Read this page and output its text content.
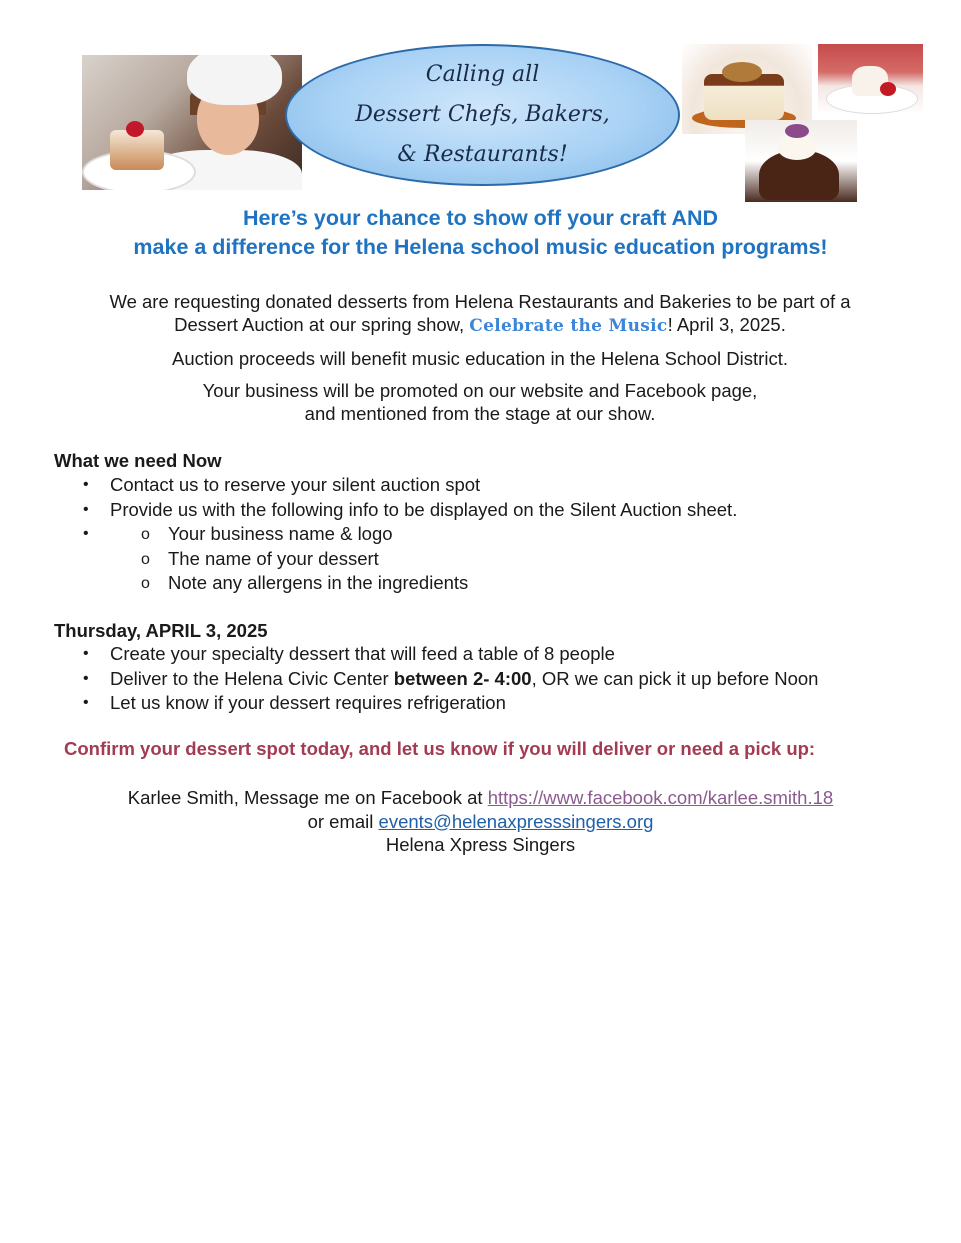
Calling all
Dessert Chefs, Bakers,
& Restaurants!
Here’s your chance to show off your craft AND
make a difference for the Helena school music education programs!

We are requesting donated desserts from Helena Restaurants and Bakeries to be part of a
Dessert Auction at our spring show, Celebrate the Music! April 3, 2025.

Auction proceeds will benefit music education in the Helena School District.

Your business will be promoted on our website and Facebook page,
and mentioned from the stage at our show.

What we need Now
• Contact us to reserve your silent auction spot
• Provide us with the following info to be displayed on the Silent Auction sheet.
o • Your business name & logo
o The name of your dessert
o Note any allergens in the ingredients
Thursday, APRIL 3, 2025
• Create your specialty dessert that will feed a table of 8 people
• Deliver to the Helena Civic Center between 2- 4:00, OR we can pick it up before Noon
• Let us know if your dessert requires refrigeration
Confirm your dessert spot today, and let us know if you will deliver or need a pick up:
Karlee Smith, Message me on Facebook at https://www.facebook.com/karlee.smith.18
or email events@helenaxpresssingers.org
Helena Xpress Singers
